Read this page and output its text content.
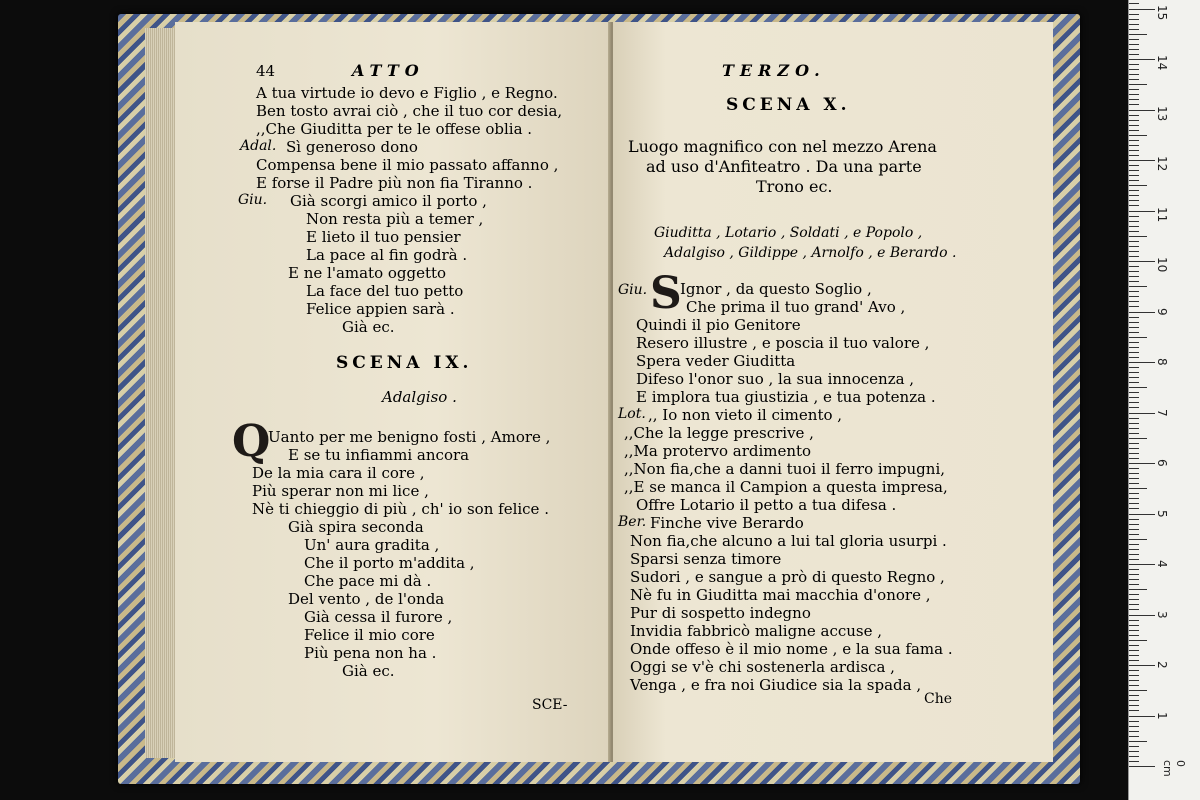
44	ATTO
A tua virtude io devo e Figlio , e Regno.
Ben tosto avrai ciò , che il tuo cor desia,
,,Che Giuditta per te le offese oblia .
Adal. Sì generoso dono
Compensa bene il mio passato affanno ,
E forse il Padre più non fia Tiranno .
Giu. Già scorgi amico il porto ,
Non resta più a temer ,
E lieto il tuo pensier
La pace al fin godrà .
E ne l'amato oggetto
La face del tuo petto
Felice appien sarà .
Già ec.
SCENA IX.
Adalgiso .
Q
Uanto per me benigno fosti , Amore ,
E se tu infiammi ancora
De la mia cara il core ,
Più sperar non mi lice ,
Nè ti chieggio di più , ch' io son felice .
Già spira seconda
Un' aura gradita ,
Che il porto m'addita ,
Che pace mi dà .
Del vento , de l'onda
Già cessa il furore ,
Felice il mio core
Più pena non ha .
Già ec.
SCE-
TERZO.
SCENA X.
Luogo magnifico con nel mezzo Arena
ad uso d'Anfiteatro . Da una parte
Trono ec.
Giuditta , Lotario , Soldati , e Popolo ,
Adalgiso , Gildippe , Arnolfo , e Berardo .
Giu. S
Ignor , da questo Soglio ,
Che prima il tuo grand' Avo ,
Quindi il pio Genitore
Resero illustre , e poscia il tuo valore ,
Spera veder Giuditta
Difeso l'onor suo , la sua innocenza ,
E implora tua giustizia , e tua potenza .
Lot. ,, Io non vieto il cimento ,
,,Che la legge prescrive ,
,,Ma protervo ardimento
,,Non fia,che a danni tuoi il ferro impugni,
,,E se manca il Campion a questa impresa,
Offre Lotario il petto a tua difesa .
Ber. Finche vive Berardo
Non fia,che alcuno a lui tal gloria usurpi .
Sparsi senza timore
Sudori , e sangue a prò di questo Regno ,
Nè fu in Giuditta mai macchia d'onore ,
Pur di sospetto indegno
Invidia fabbricò maligne accuse ,
Onde offeso è il mio nome , e la sua fama .
Oggi se v'è chi sostenerla ardisca ,
Venga , e fra noi Giudice sia la spada ,
Che
1
2
3
4
5
6
7
8
9
10
11
12
13
14
15
0 cm
